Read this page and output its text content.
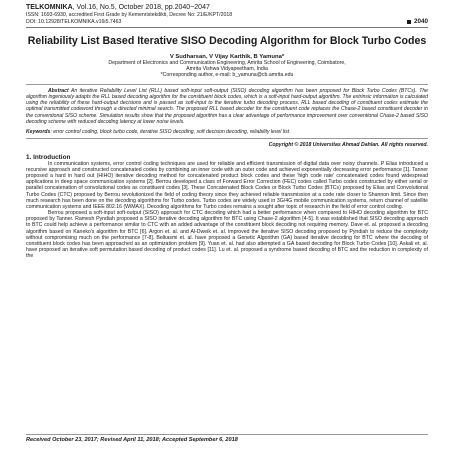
TELKOMNIKA, Vol.16, No.5, October 2018, pp.2040~2047
ISSN: 1693-6930, accredited First Grade by Kemenristekdikti, Decree No: 21/E/KPT/2018
DOI: 10.12928/TELKOMNIKA.v16i5.7463	2040
Reliability List Based Iterative SISO Decoding Algorithm for Block Turbo Codes
V Sudharsan, V Vijay Karthik, B Yamuna*
Department of Electronics and Communication Engineering, Amrita School of Engineering, Coimbatore,
Amrita Vishwa Vidyapeetham, India
*Corresponding author, e-mail: b_yamuna@cb.amrita.edu
Abstract An iterative Reliability Level List (RLL) based soft-input soft-output (SISO) decoding algorithm has been proposed for Block Turbo Codes (BTCs). The algorithm ingeniously adapts the RLL based decoding algorithm for the constituent block codes, which is a soft-input hard-output algorithm. The extrinsic information is calculated using the reliability of these hard-output decisions and is passed as soft-input to the iterative turbo decoding process. RLL based decoding of constituent codes estimate the optimal transmitted codeword through a directed minimal search. The proposed RLL based decoder for the constituent code replaces the Chase-2 based constituent decoder in the conventional SISO scheme. Simulation results show that the proposed algorithm has a clear advantage of performance improvement over conventional Chase-2 based SISO decoding scheme with reduced decoding latency at lower noise levels.
Keywords: error control coding, block turbo code, iterative SISO decoding, soft decision decoding, reliability level list
Copyright © 2018 Universitas Ahmad Dahlan. All rights reserved.
1. Introduction
In communication systems, error control coding techniques are used for reliable and efficient transmission of digital data over noisy channels. P Elias introduced a recursive approach and constructed concatenated codes by combining an inner code with an outer code and achieved exponentially decreasing error performance [1]. Tanner proposed a hard in hard out (HIHO) iterative decoding method for concatenated product block codes and these 'high code rate' concatenated codes found widespread applications in deep space communication systems [2]. Berrou developed a class of Forward Error Correction (FEC) codes called Turbo codes constructed by either serial or parallel concatenation of convolutional codes as constituent codes [3]. These Concatenated Block Codes or Block Turbo Codes (BTCs) proposed by Elias and Convolutional Turbo Codes (CTC) proposed by Berrou revolutionized the field of coding theory since they achieved reliable transmission at a code rate closer to Shannon limit. Since then much research has been done on the decoding algorithms for Turbo codes. Turbo codes are widely used in 3G/4G mobile communication systems, return channel of satellite communication systems and IEEE 802.16 (WiMAX). Decoding algorithms for Turbo codes remains a sought after topic of research in the field of error control coding.
Berrou proposed a soft-input soft-output (SISO) approach for CTC decoding which had a better performance when compared to HIHO decoding algorithm for BTC proposed by Tanner. Ramesh Pyndiah proposed a SISO iterative decoding algorithm for BTC using Chase-2 algorithm [4-5]. It was established that SISO decoding approach to BTC could help achieve a performance similar to CTC with an added advantage of the constituent block decoding not requiring memory. Dave et. al. proposed a decoding algorithm based on Kaneko's algorithm for BTC [6]. Argon et. al. and Al-Dweik et. al. improved the iterative SISO decoding proposed by Pyndiah to reduce the complexity without compromising much on the performance [7-8]. Belkasmi et. al. have proposed a Genetic Algorithm (GA) based iterative decoding for BTC where the decoding of constituent block codes has been approached as an optimization problem [9]. Yuan et. al. had also attempted a GA based decoding for Block Turbo Codes [10]. Askali et. al. have proposed an iterative soft permutation based decoding of product codes [11]. Lu et. al. proposed a syndrome based decoding of BTC and the reduction in complexity of the
Received October 23, 2017; Revised April 11, 2018; Accepted September 6, 2018
